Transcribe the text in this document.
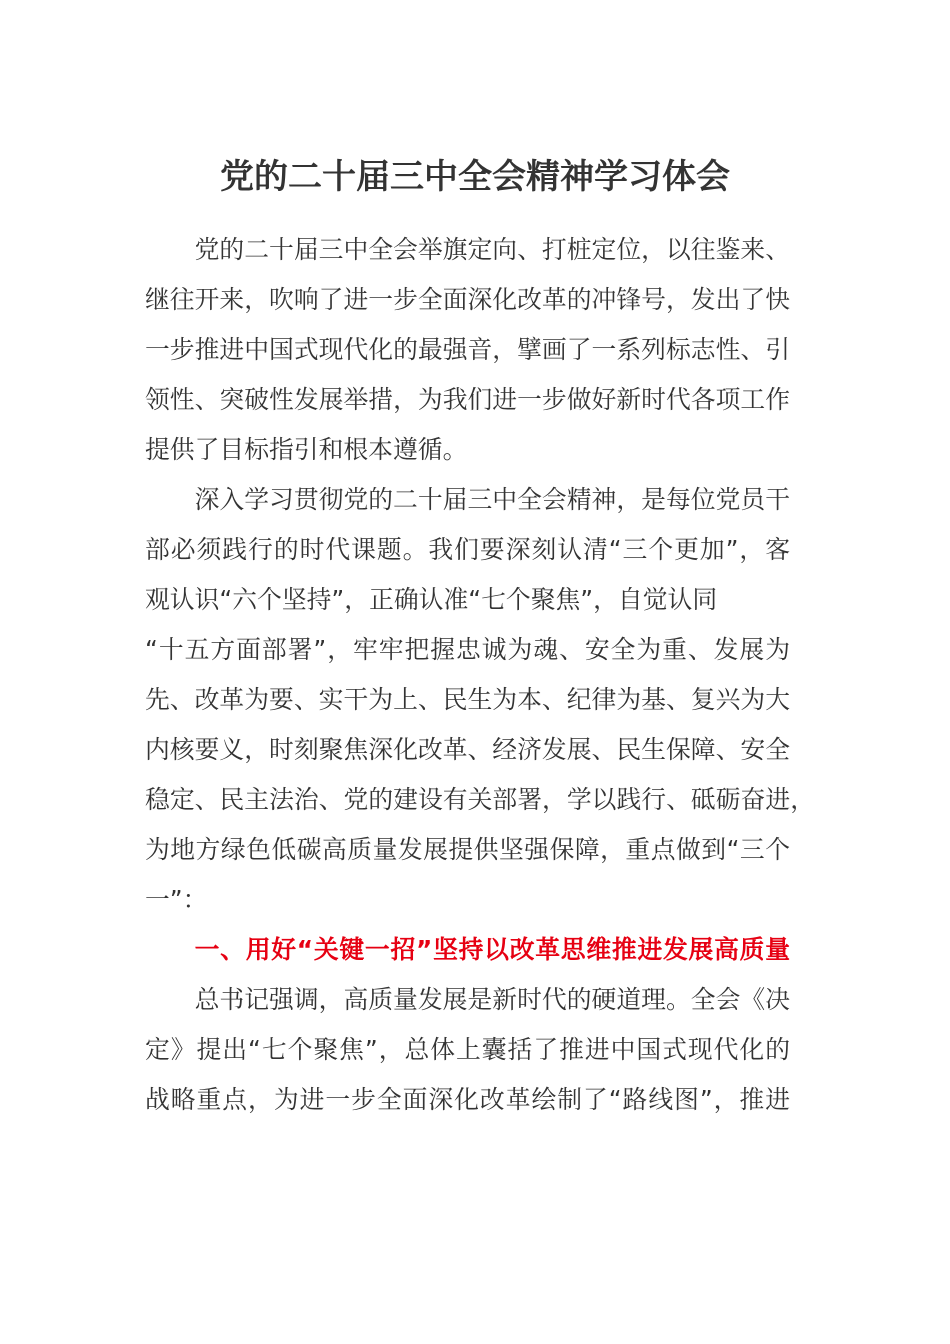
党的二十届三中全会精神学习体会
党的二十届三中全会举旗定向、打桩定位，以往鉴来、
继往开来，吹响了进一步全面深化改革的冲锋号，发出了快
一步推进中国式现代化的最强音，擘画了一系列标志性、引
领性、突破性发展举措，为我们进一步做好新时代各项工作
提供了目标指引和根本遵循。
深入学习贯彻党的二十届三中全会精神，是每位党员干
部必须践行的时代课题。我们要深刻认清“三个更加”，客
观认识“六个坚持”，正确认准“七个聚焦”，自觉认同
“十五方面部署”，牢牢把握忠诚为魂、安全为重、发展为
先、改革为要、实干为上、民生为本、纪律为基、复兴为大
内核要义，时刻聚焦深化改革、经济发展、民生保障、安全
稳定、民主法治、党的建设有关部署，学以践行、砥砺奋进，
为地方绿色低碳高质量发展提供坚强保障，重点做到“三个
一”：
一、用好“关键一招”坚持以改革思维推进发展高质量
总书记强调，高质量发展是新时代的硬道理。全会《决
定》提出“七个聚焦”，总体上囊括了推进中国式现代化的
战略重点，为进一步全面深化改革绘制了“路线图”，推进
